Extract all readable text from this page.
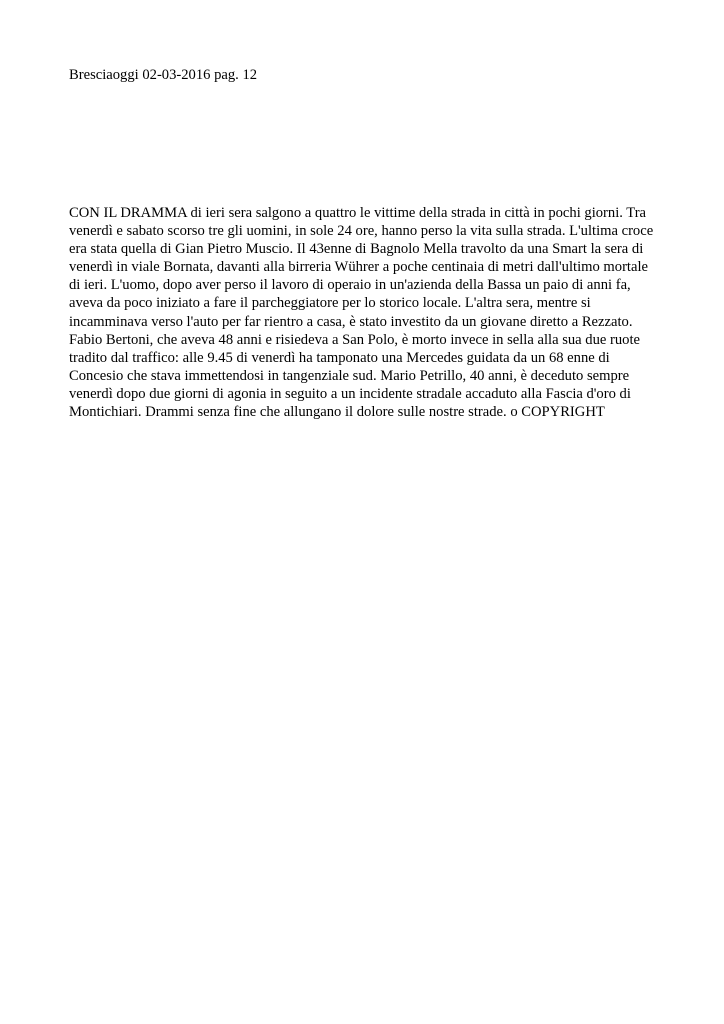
Bresciaoggi 02-03-2016 pag. 12
CON IL DRAMMA di ieri sera salgono a quattro le vittime della strada in città in pochi giorni. Tra
venerdì e sabato scorso tre gli uomini, in sole 24 ore, hanno perso la vita sulla strada. L'ultima croce
era stata quella di Gian Pietro Muscio. Il 43enne di Bagnolo Mella travolto da una Smart la sera di
venerdì in viale Bornata, davanti alla birreria Wührer a poche centinaia di metri dall'ultimo mortale
di ieri. L'uomo, dopo aver perso il lavoro di operaio in un'azienda della Bassa un paio di anni fa,
aveva da poco iniziato a fare il parcheggiatore per lo storico locale. L'altra sera, mentre si
incamminava verso l'auto per far rientro a casa, è stato investito da un giovane diretto a Rezzato.
Fabio Bertoni, che aveva 48 anni e risiedeva a San Polo, è morto invece in sella alla sua due ruote
tradito dal traffico: alle 9.45 di venerdì ha tamponato una Mercedes guidata da un 68 enne di
Concesio che stava immettendosi in tangenziale sud. Mario Petrillo, 40 anni, è deceduto sempre
venerdì dopo due giorni di agonia in seguito a un incidente stradale accaduto alla Fascia d'oro di
Montichiari. Drammi senza fine che allungano il dolore sulle nostre strade. o COPYRIGHT
